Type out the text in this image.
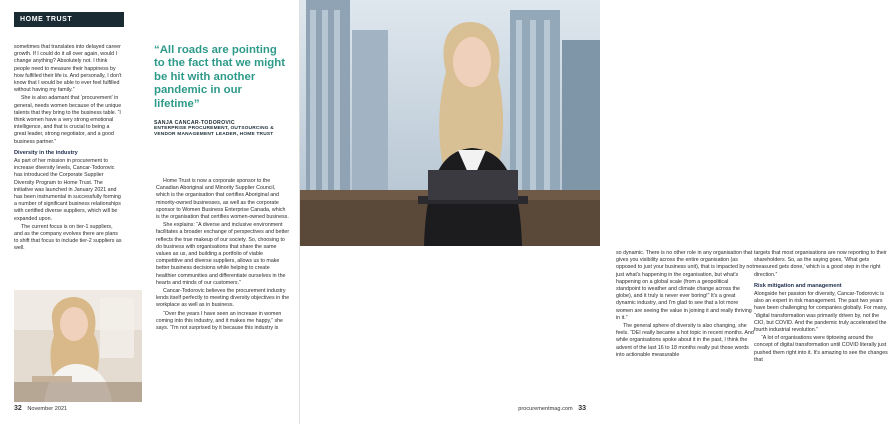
HOME TRUST

sometimes that translates into delayed career growth. If I could do it all over again, would I change anything? Absolutely not. I think people need to measure their happiness by how fulfilled their life is. And personally, I don't know that I would be able to ever feel fulfilled without having my family.”

She is also adamant that ‘procurement’ in general, needs women because of the unique talents that they bring to the business table. “I think women have a very strong emotional intelligence, and that is crucial to being a great leader, strong negotiator, and a good business partner.”

Diversity in the industry

As part of her mission in procurement to increase diversity levels, Cancar-Todorovic has introduced the Corporate Supplier Diversity Program to Home Trust. The initiative was launched in January 2021 and has been instrumental in successfully forming a number of significant business relationships with certified diverse suppliers, which will be expanded upon.

The current focus is on tier-1 suppliers, and as the company evolves there are plans to shift that focus to include tier-2 suppliers as well.

“All roads are pointing to the fact that we might be hit with another pandemic in our lifetime”
SANJA CANCAR-TODOROVIC
ENTERPRISE PROCUREMENT, OUTSOURCING & VENDOR MANAGEMENT LEADER, HOME TRUST

Home Trust is now a corporate sponsor to the Canadian Aboriginal and Minority Supplier Council, which is the organisation that certifies Aboriginal and minority-owned businesses, as well as the corporate sponsor to Women Business Enterprise Canada, which is the organisation that certifies women-owned business.

She explains: “A diverse and inclusive environment facilitates a broader exchange of perspectives and better reflects the true makeup of our society. So, choosing to do business with organisations that share the same values as us, and building a portfolio of viable competitive and diverse suppliers, allows us to make better business decisions while helping to create healthier communities and differentiate ourselves in the hearts and minds of our customers.”

Cancar-Todorovic believes the procurement industry lends itself perfectly to meeting diversity objectives in the workplace as well as in business.

“Over the years I have seen an increase in women coming into this industry, and it makes me happy,” she says. “I'm not surprised by it because this industry is

32 November 2021

so dynamic. There is no other role in any organisation that gives you visibility across the entire organisation (as opposed to just your business unit), that is impacted by not just what's happening in the organisation, but what's happening on a global scale (from a geopolitical standpoint to weather and climate change across the globe), and it truly is never ever boring!” It's a great dynamic industry, and I'm glad to see that a lot more women are seeing the value in joining it and really thriving in it.”

The general sphere of diversity is also changing, she feels. “DEI really became a hot topic in recent months. And while organisations spoke about it in the past, I think the advent of the last 16 to 18 months really put those words into actionable measurable

targets that most organisations are now reporting to their shareholders. So, as the saying goes, ‘What gets measured gets done,’ which is a good step in the right direction.”

Risk mitigation and management

Alongside her passion for diversity, Cancar-Todorovic is also an expert in risk management. The past two years have been challenging for companies globally. For many, “digital transformation was primarily driven by, not the CIO, but COVID. And the pandemic truly accelerated the fourth industrial revolution.”

“A lot of organisations were tiptoeing around the concept of digital transformation until COVID literally just pushed them right into it. It's amazing to see the changes that

procurementmag.com 33
